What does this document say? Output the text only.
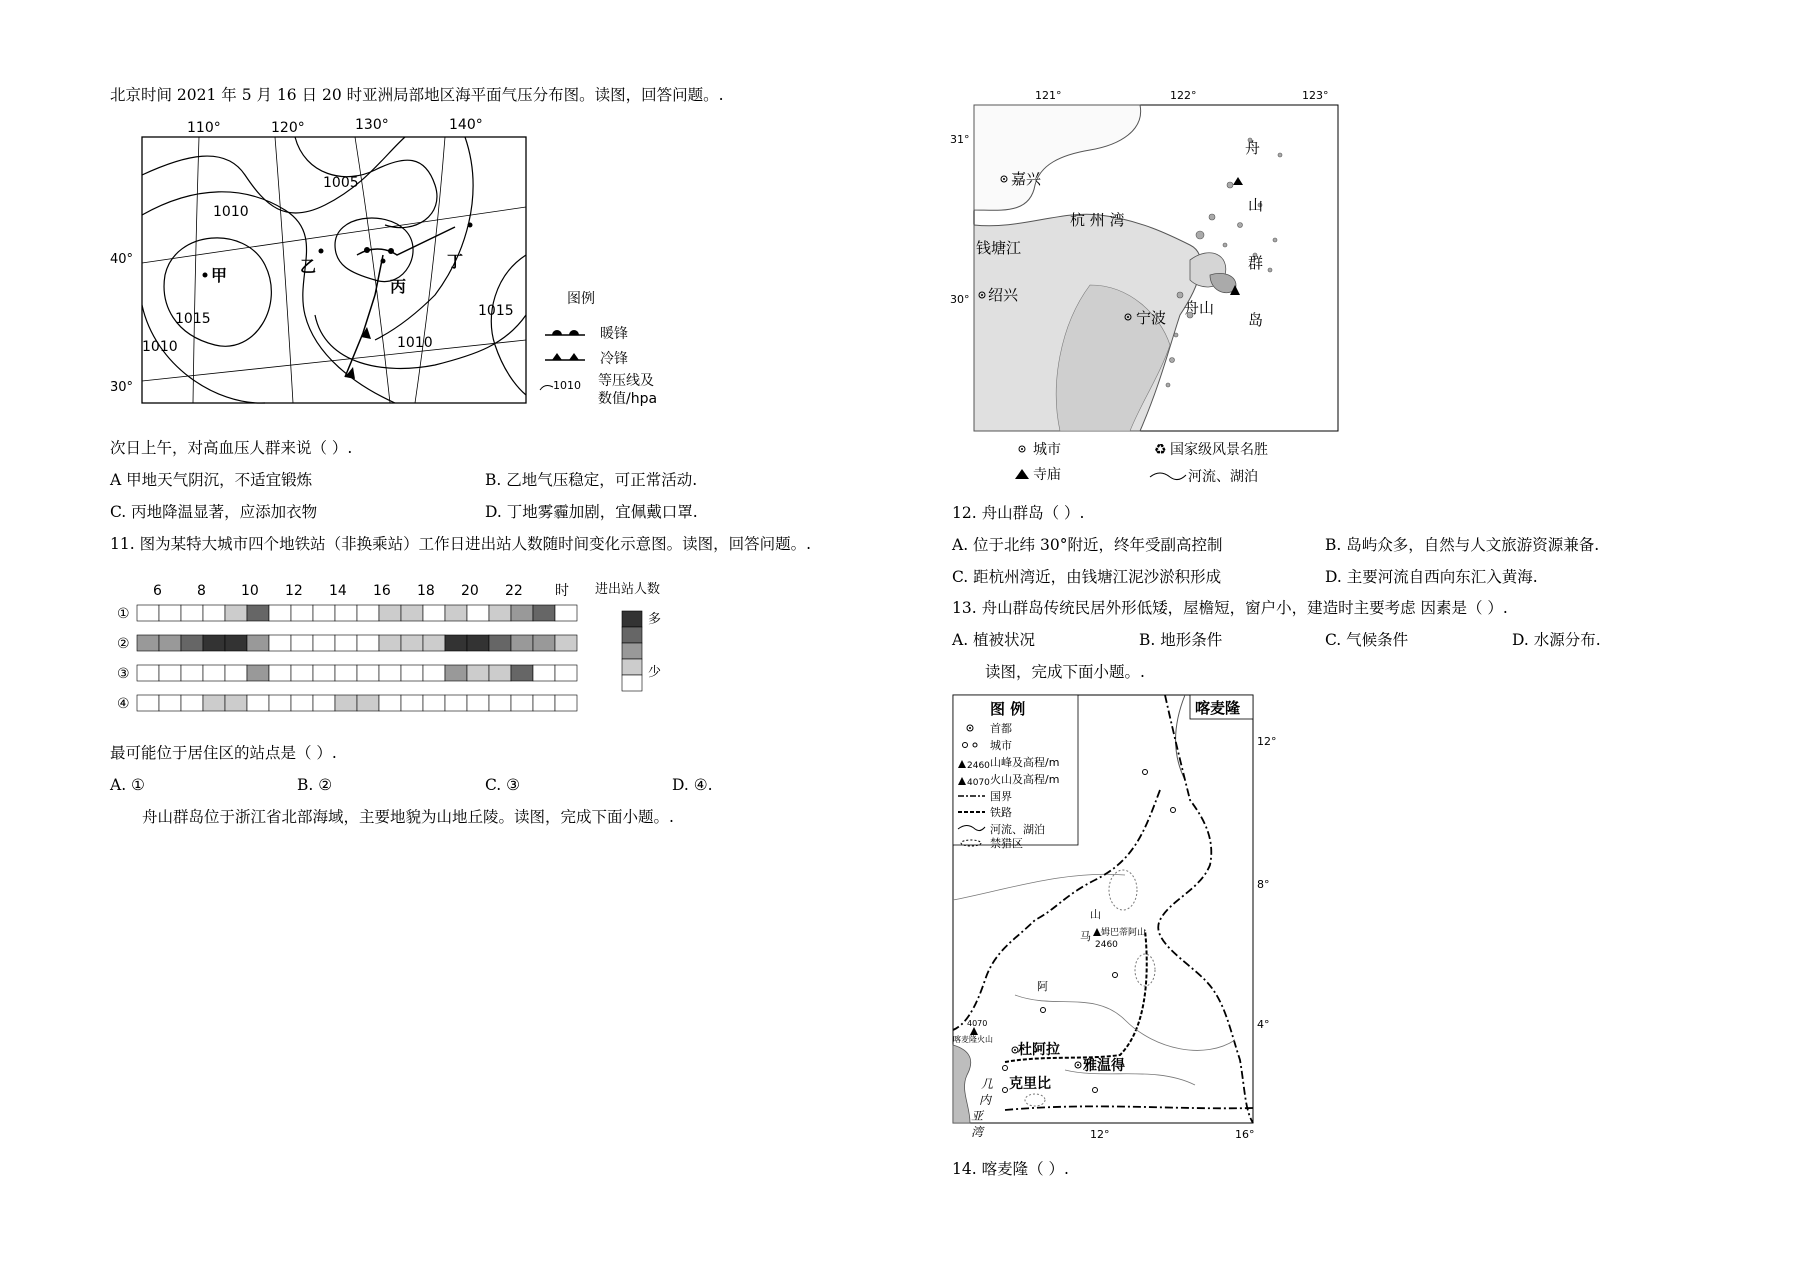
北京时间 2021 年 5 月 16 日 20 时亚洲局部地区海平面气压分布图。读图，回答问题。.
110°	120°	130°	140°
40°
30°
1005
1010
1015
1010
1015
1010
甲	乙
丙
丁
图例
暖锋
冷锋
1010 等压线及
数值/hpa
次日上午，对高血压人群来说（ ）.
A 甲地天气阴沉，不适宜锻炼	B. 乙地气压稳定，可正常活动.
C. 丙地降温显著，应添加衣物	D. 丁地雾霾加剧，宜佩戴口罩.
11. 图为某特大城市四个地铁站（非换乘站）工作日进出站人数随时间变化示意图。读图，回答问题。.
6	8	10 12 14 16 18 20 22 时
①
②
③
④
进出站人数
多
少
最可能位于居住区的站点是（ ）.
A. ①	B. ②	C. ③	D. ④.
舟山群岛位于浙江省北部海域，主要地貌为山地丘陵。读图，完成下面小题。.
121°	122°	123°
31°
30°
嘉兴
杭 州 湾
钱塘江
绍兴
宁波
舟山
舟
山
群
岛
城市	♻ 国家级风景名胜
寺庙	河流、湖泊
12. 舟山群岛（ ）.
A. 位于北纬 30°附近，终年受副高控制	B. 岛屿众多，自然与人文旅游资源兼备.
C. 距杭州湾近，由钱塘江泥沙淤积形成	D. 主要河流自西向东汇入黄海.
13. 舟山群岛传统民居外形低矮，屋檐短，窗户小，建造时主要考虑 因素是（ ）.
A. 植被状况	B. 地形条件	C. 气候条件	D. 水源分布.
读图，完成下面小题。.
图 例
首都
城市
2460 山峰及高程/m
4070 火山及高程/m
国界
铁路
河流、湖泊
禁猎区
喀麦隆
12°
8°
4°
12°	16°
杜阿拉
克里比
雅温得
山
马
阿
姆巴蒂阿山
2460
4070
喀麦隆火山
几
内
亚
湾
14. 喀麦隆（ ）.
